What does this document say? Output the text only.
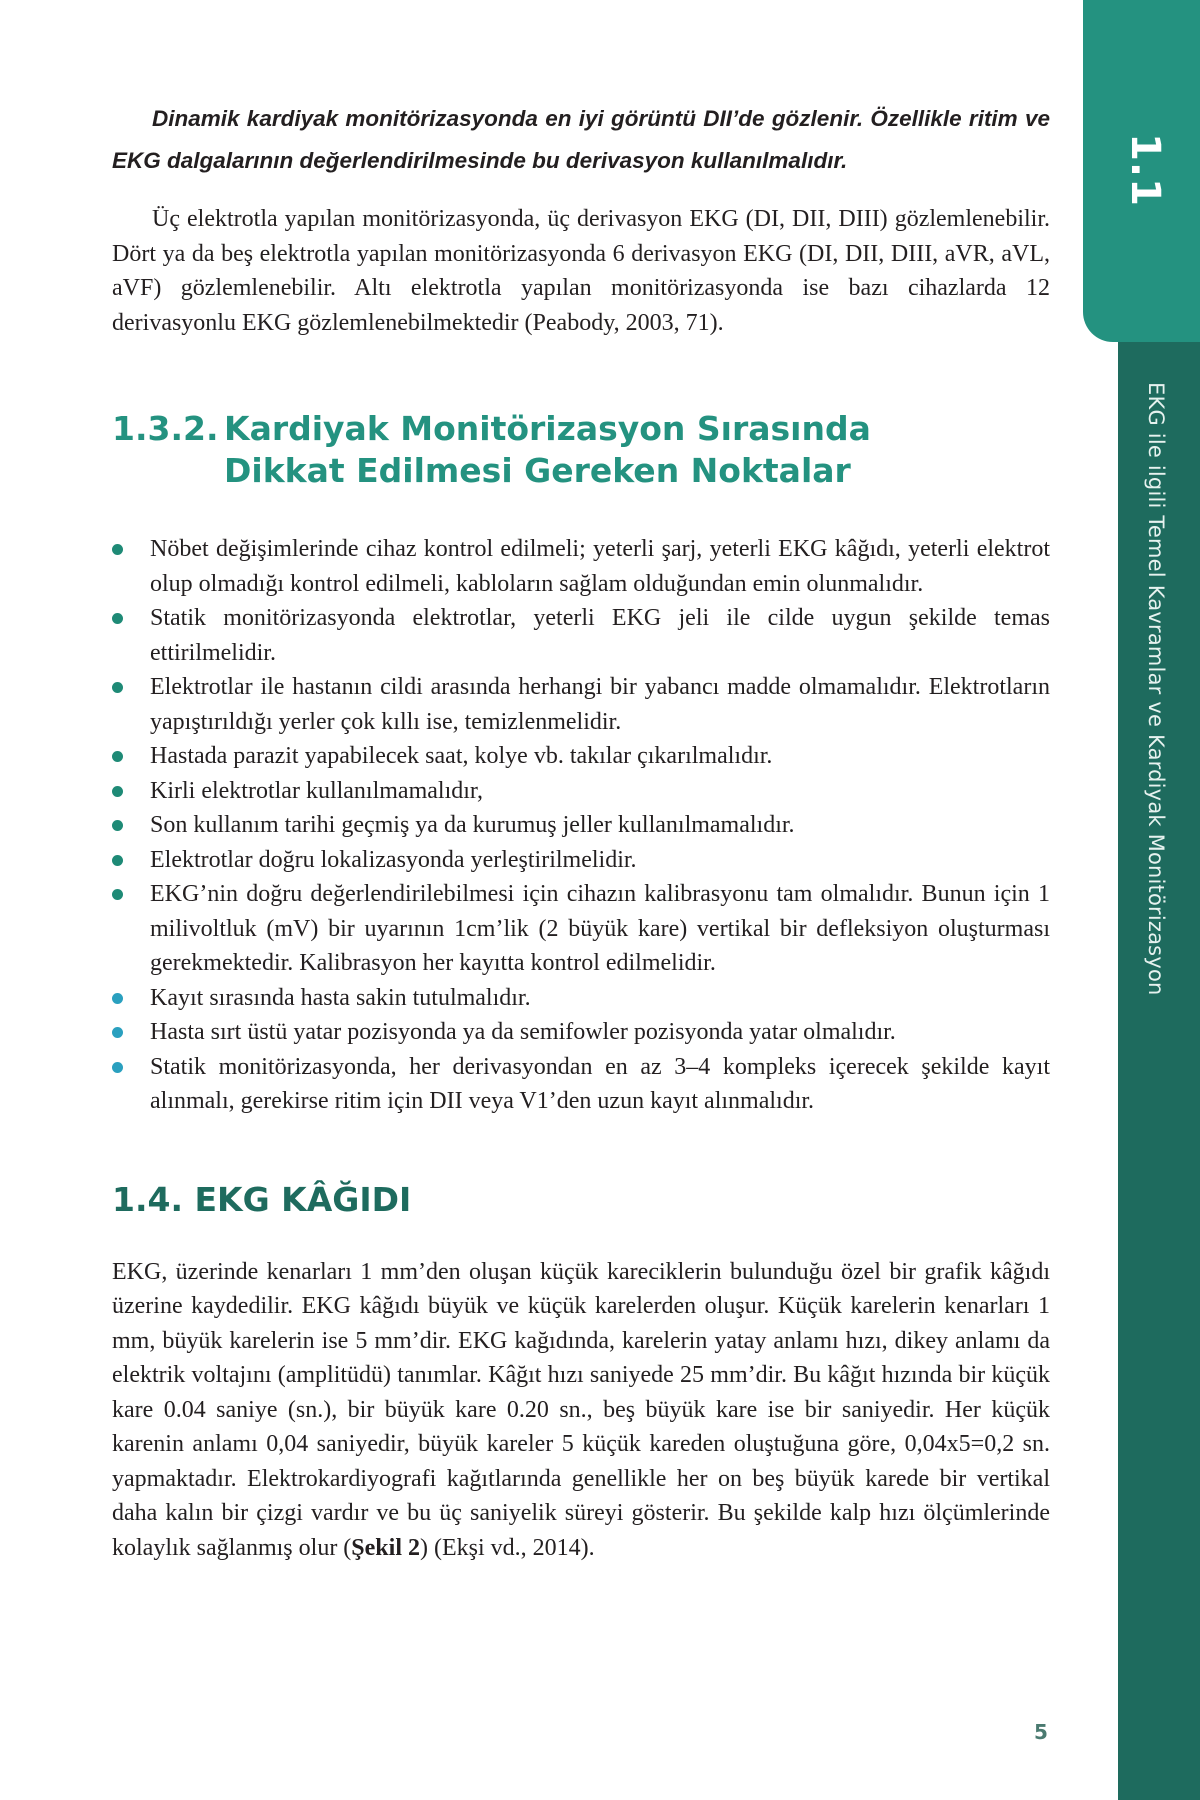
1.1
EKG ile ilgili Temel Kavramlar ve Kardiyak Monitörizasyon

Dinamik kardiyak monitörizasyonda en iyi görüntü DII’de gözlenir. Özellikle ritim ve EKG dalgalarının değerlendirilmesinde bu derivasyon kullanılmalıdır.

Üç elektrotla yapılan monitörizasyonda, üç derivasyon EKG (DI, DII, DIII) gözlemlenebilir. Dört ya da beş elektrotla yapılan monitörizasyonda 6 derivasyon EKG (DI, DII, DIII, aVR, aVL, aVF) gözlemlenebilir. Altı elektrotla yapılan monitörizasyonda ise bazı cihazlarda 12 derivasyonlu EKG gözlemlenebilmektedir (Peabody, 2003, 71).

1.3.2. Kardiyak Monitörizasyon Sırasında
Dikkat Edilmesi Gereken Noktalar
Nöbet değişimlerinde cihaz kontrol edilmeli; yeterli şarj, yeterli EKG kâğıdı, yeterli elektrot olup olmadığı kontrol edilmeli, kabloların sağlam olduğundan emin olunmalıdır.
Statik monitörizasyonda elektrotlar, yeterli EKG jeli ile cilde uygun şekilde temas ettirilmelidir.
Elektrotlar ile hastanın cildi arasında herhangi bir yabancı madde olmamalıdır. Elektrotların yapıştırıldığı yerler çok kıllı ise, temizlenmelidir.
Hastada parazit yapabilecek saat, kolye vb. takılar çıkarılmalıdır.
Kirli elektrotlar kullanılmamalıdır,
Son kullanım tarihi geçmiş ya da kurumuş jeller kullanılmamalıdır.
Elektrotlar doğru lokalizasyonda yerleştirilmelidir.
EKG’nin doğru değerlendirilebilmesi için cihazın kalibrasyonu tam olmalıdır. Bunun için 1 milivoltluk (mV) bir uyarının 1cm’lik (2 büyük kare) vertikal bir defleksiyon oluşturması gerekmektedir. Kalibrasyon her kayıtta kontrol edilmelidir.
Kayıt sırasında hasta sakin tutulmalıdır.
Hasta sırt üstü yatar pozisyonda ya da semifowler pozisyonda yatar olmalıdır.
Statik monitörizasyonda, her derivasyondan en az 3–4 kompleks içerecek şekilde kayıt alınmalı, gerekirse ritim için DII veya V1’den uzun kayıt alınmalıdır.
1.4. EKG KÂĞIDI

EKG, üzerinde kenarları 1 mm’den oluşan küçük kareciklerin bulunduğu özel bir grafik kâğıdı üzerine kaydedilir. EKG kâğıdı büyük ve küçük karelerden oluşur. Küçük karelerin kenarları 1 mm, büyük karelerin ise 5 mm’dir. EKG kağıdında, karelerin yatay anlamı hızı, dikey anlamı da elektrik voltajını (amplitüdü) tanımlar. Kâğıt hızı saniyede 25 mm’dir. Bu kâğıt hızında bir küçük kare 0.04 saniye (sn.), bir büyük kare 0.20 sn., beş büyük kare ise bir saniyedir. Her küçük karenin anlamı 0,04 saniyedir, büyük kareler 5 küçük kareden oluştuğuna göre, 0,04x5=0,2 sn. yapmaktadır. Elektrokardiyografi kağıtlarında genellikle her on beş büyük karede bir vertikal daha kalın bir çizgi vardır ve bu üç saniyelik süreyi gösterir. Bu şekilde kalp hızı ölçümlerinde kolaylık sağlanmış olur (Şekil 2) (Ekşi vd., 2014).

5
